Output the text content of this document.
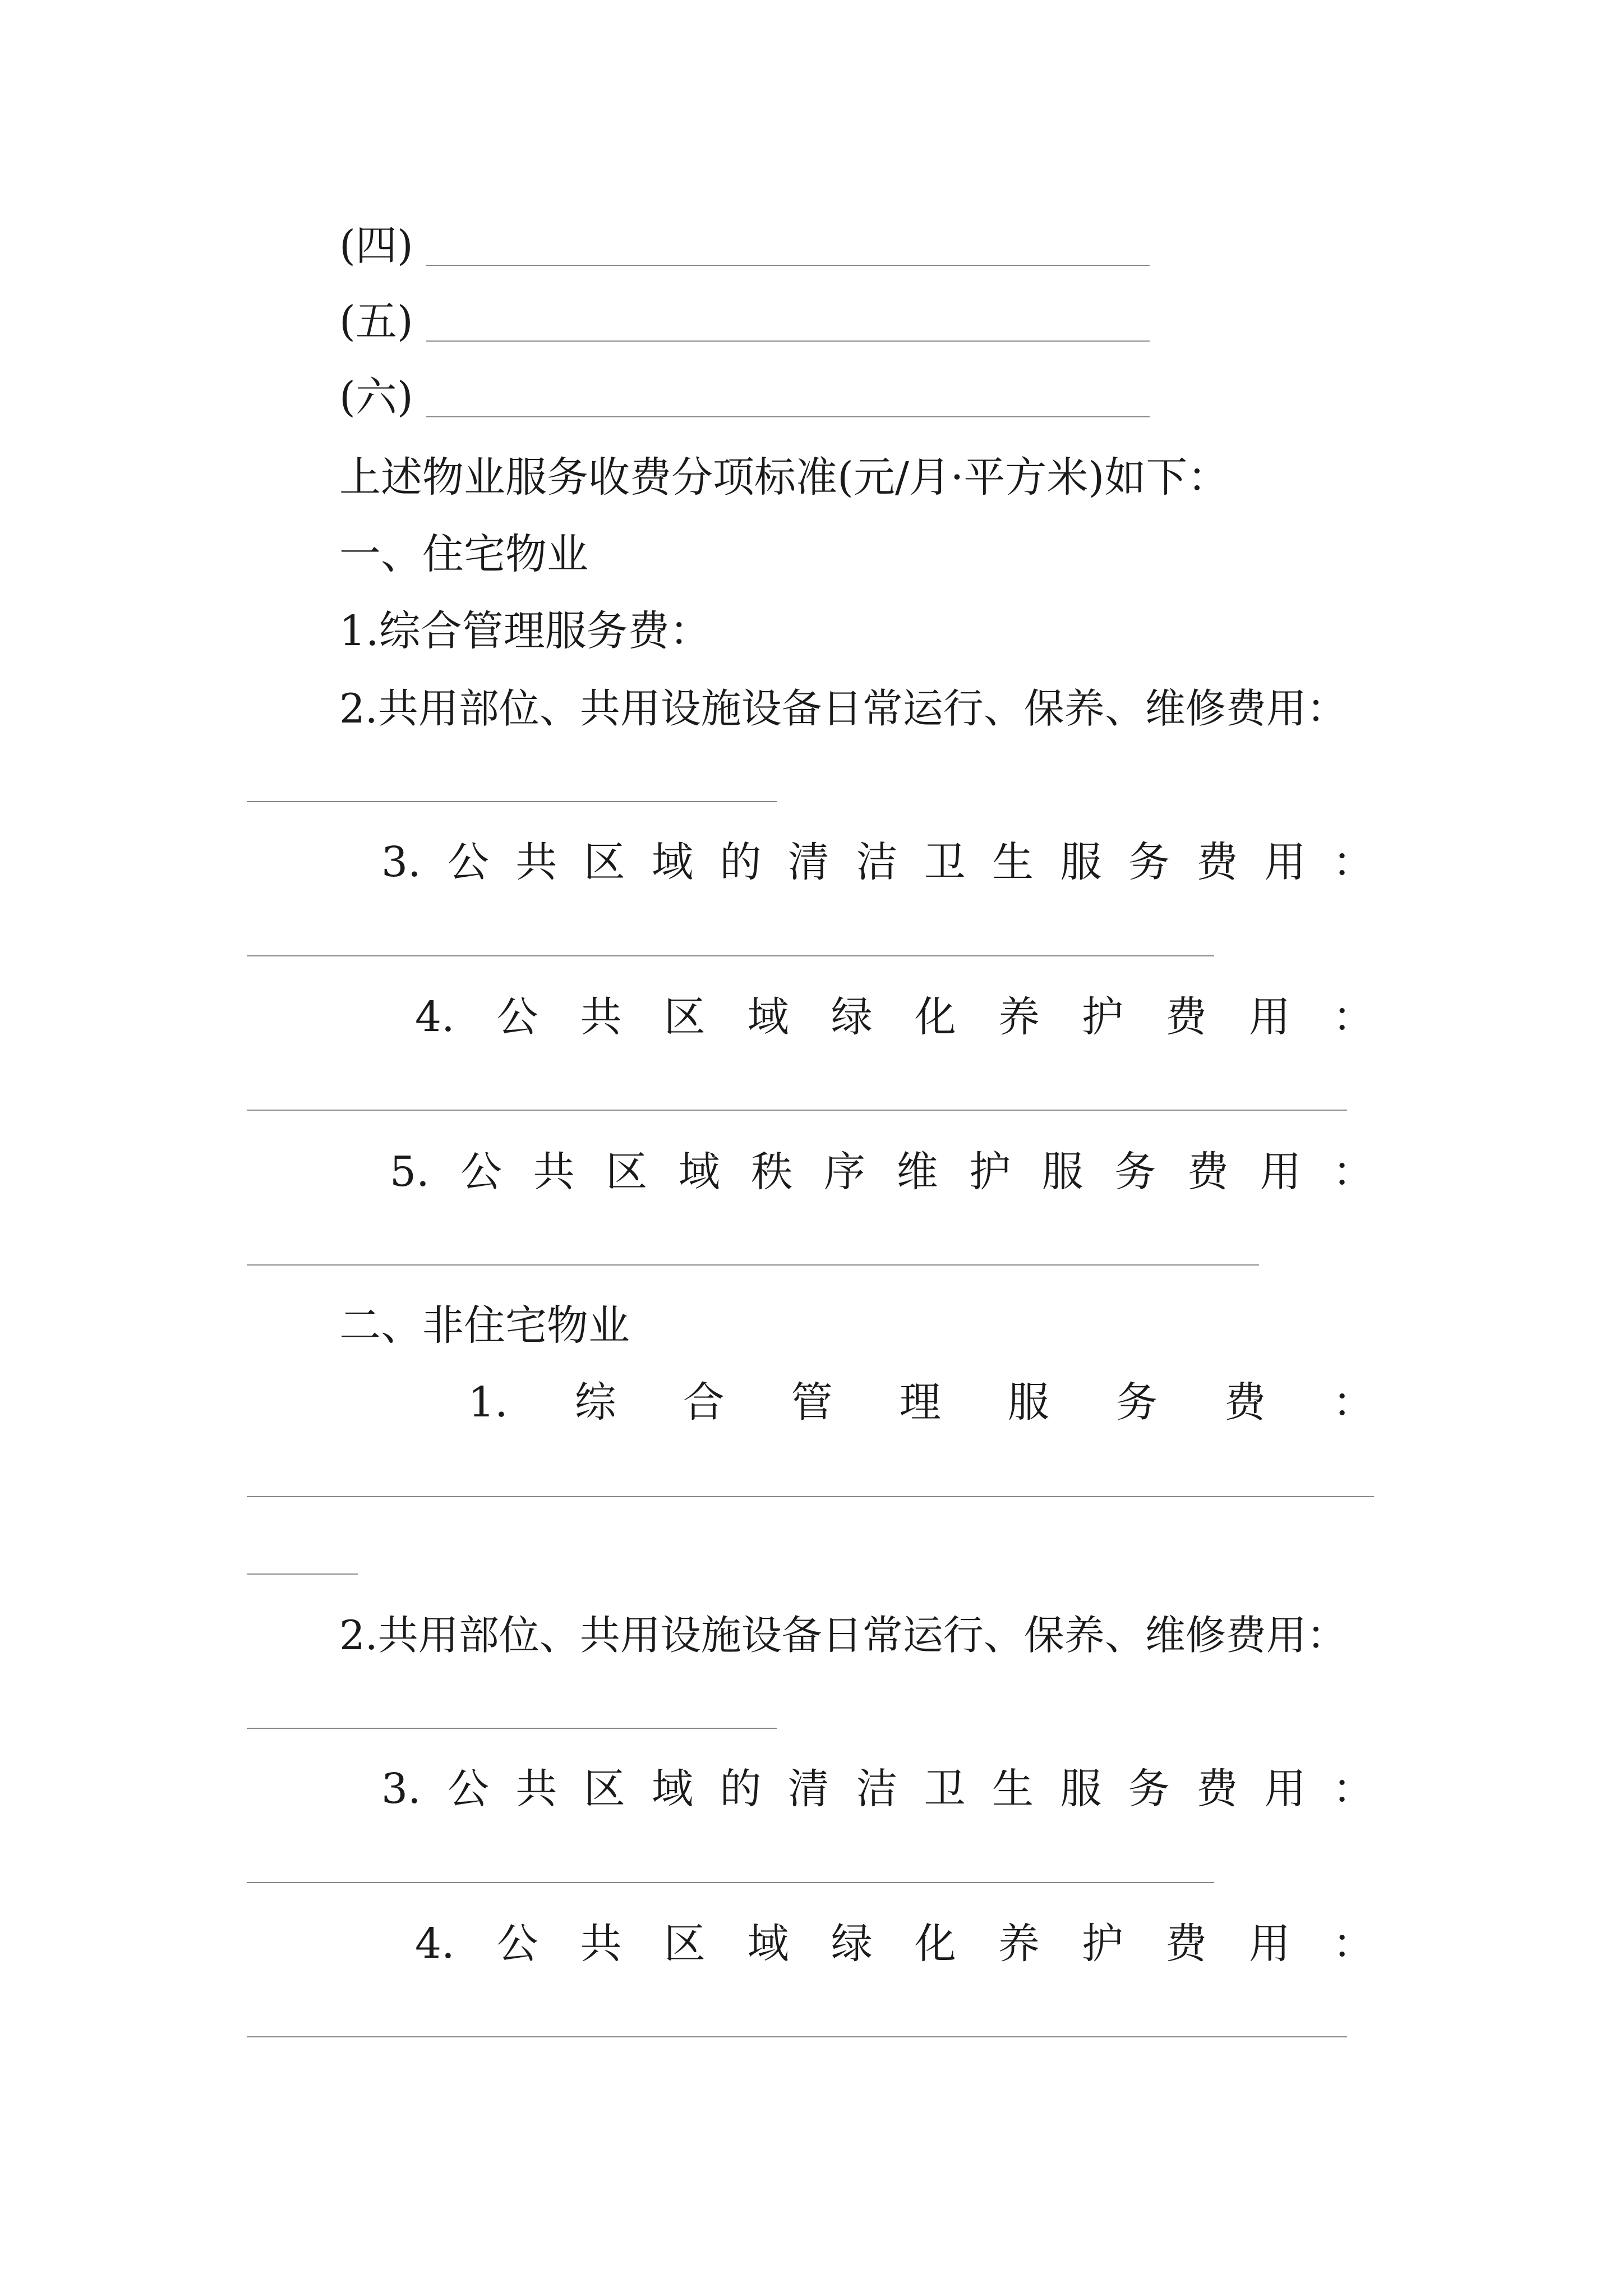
(四)
(五)
(六)
上述物业服务收费分项标准(元/月·平方米)如下：
一、住宅物业
1.综合管理服务费：
2.共用部位、共用设施设备日常运行、保养、维修费用：
3. 公 共 区 域 的 清 洁 卫 生 服 务 费 用 ：
4. 公 共 区 域 绿 化 养 护 费 用 ：
5. 公 共 区 域 秩 序 维 护 服 务 费 用 ：
二、非住宅物业
1. 综 合 管 理 服 务 费 ：
2.共用部位、共用设施设备日常运行、保养、维修费用：
3. 公 共 区 域 的 清 洁 卫 生 服 务 费 用 ：
4. 公 共 区 域 绿 化 养 护 费 用 ：
